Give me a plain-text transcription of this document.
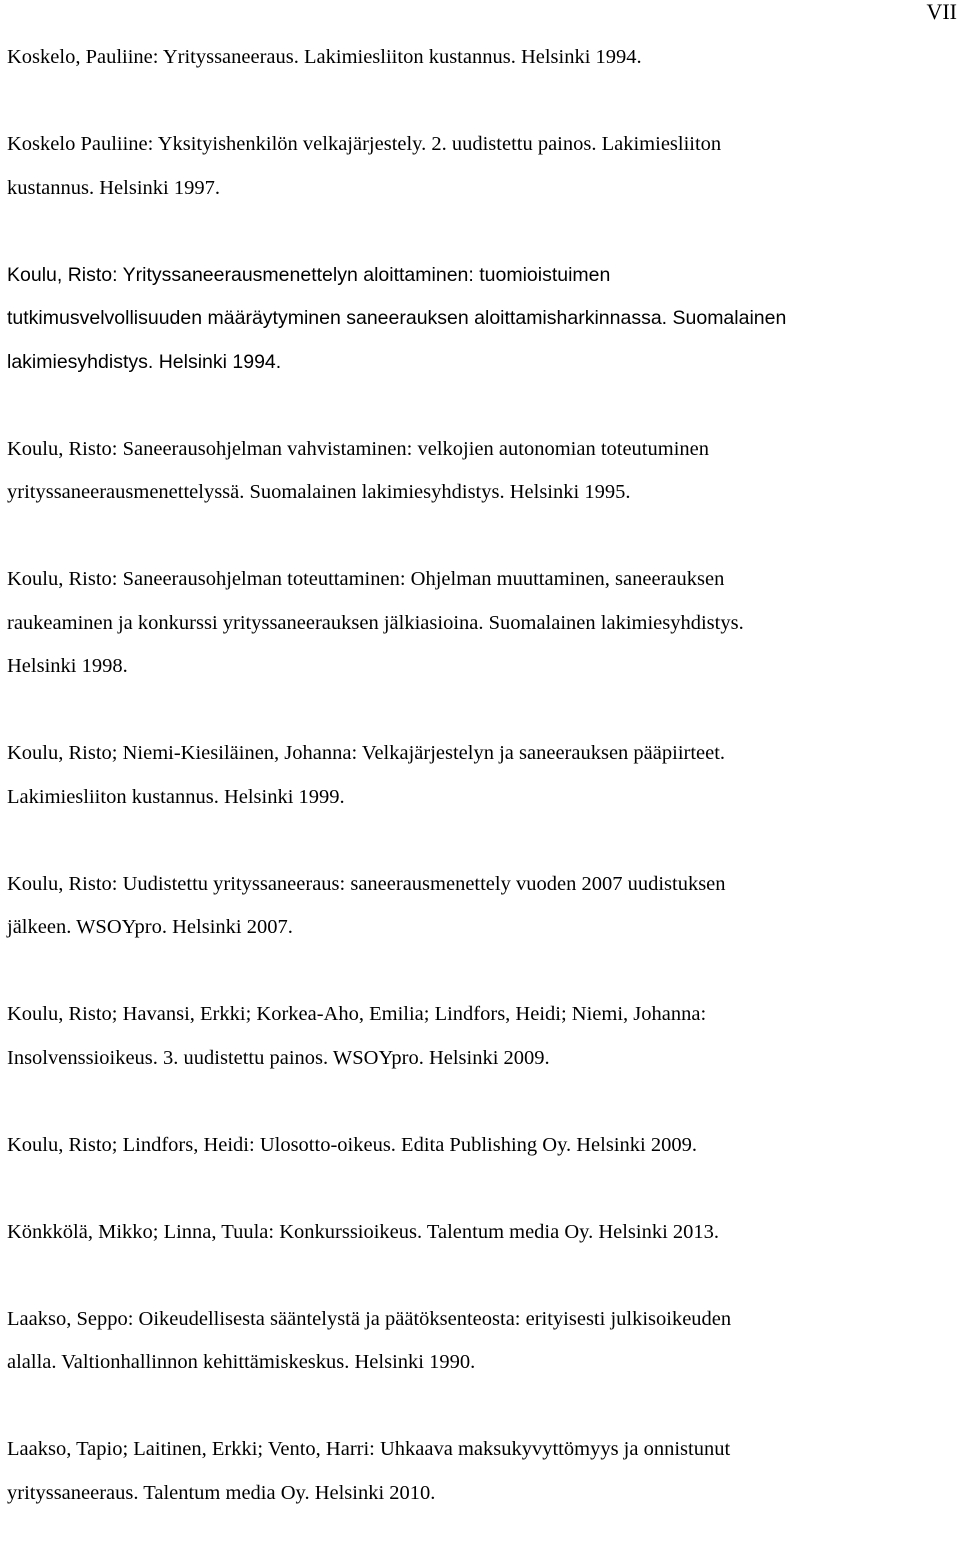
VII
Koskelo, Pauliine: Yrityssaneeraus. Lakimiesliiton kustannus. Helsinki 1994.
Koskelo Pauliine: Yksityishenkilön velkajärjestely. 2. uudistettu painos. Lakimiesliiton
kustannus. Helsinki 1997.
Koulu, Risto: Yrityssaneerausmenettelyn aloittaminen: tuomioistuimen
tutkimusvelvollisuuden määräytyminen saneerauksen aloittamisharkinnassa. Suomalainen
lakimiesyhdistys. Helsinki 1994.
Koulu, Risto: Saneerausohjelman vahvistaminen: velkojien autonomian toteutuminen
yrityssaneerausmenettelyssä. Suomalainen lakimiesyhdistys. Helsinki 1995.
Koulu, Risto: Saneerausohjelman toteuttaminen: Ohjelman muuttaminen, saneerauksen
raukeaminen ja konkurssi yrityssaneerauksen jälkiasioina. Suomalainen lakimiesyhdistys.
Helsinki 1998.
Koulu, Risto; Niemi-Kiesiläinen, Johanna: Velkajärjestelyn ja saneerauksen pääpiirteet.
Lakimiesliiton kustannus. Helsinki 1999.
Koulu, Risto: Uudistettu yrityssaneeraus: saneerausmenettely vuoden 2007 uudistuksen
jälkeen. WSOYpro. Helsinki 2007.
Koulu, Risto; Havansi, Erkki; Korkea-Aho, Emilia; Lindfors, Heidi; Niemi, Johanna:
Insolvenssioikeus. 3. uudistettu painos. WSOYpro. Helsinki 2009.
Koulu, Risto; Lindfors, Heidi: Ulosotto-oikeus. Edita Publishing Oy. Helsinki 2009.
Könkkölä, Mikko; Linna, Tuula: Konkurssioikeus. Talentum media Oy. Helsinki 2013.
Laakso, Seppo: Oikeudellisesta sääntelystä ja päätöksenteosta: erityisesti julkisoikeuden
alalla. Valtionhallinnon kehittämiskeskus. Helsinki 1990.
Laakso, Tapio; Laitinen, Erkki; Vento, Harri: Uhkaava maksukyvyttömyys ja onnistunut
yrityssaneeraus. Talentum media Oy. Helsinki 2010.
